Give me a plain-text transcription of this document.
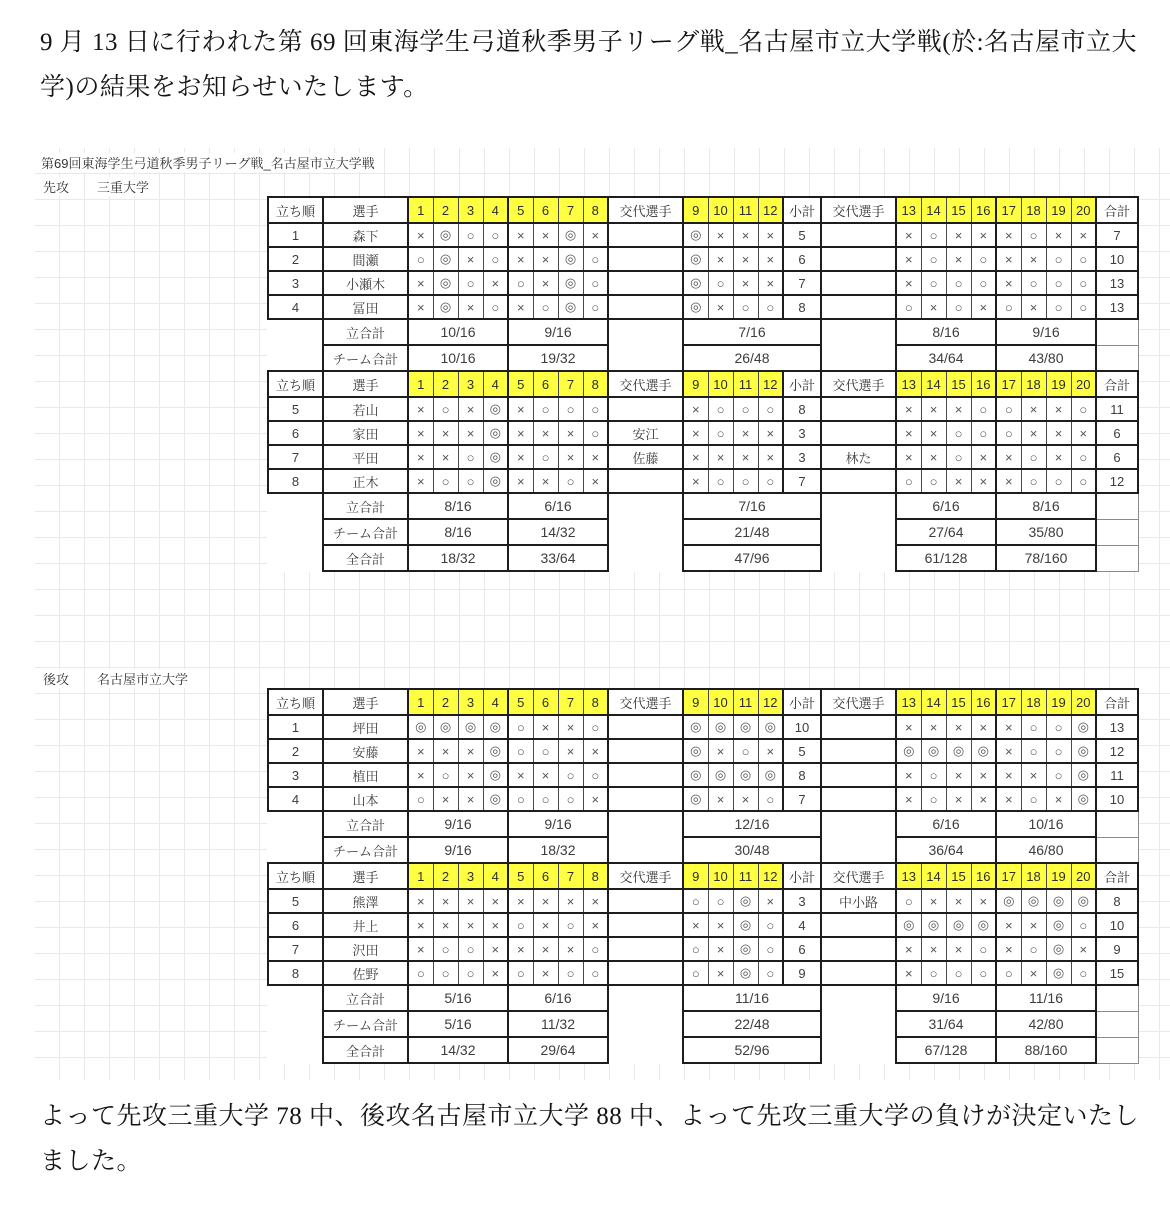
9 月 13 日に行われた第 69 回東海学生弓道秋季男子リーグ戦_名古屋市立大学戦(於:名古屋市立大学)の結果をお知らせいたします。

第69回東海学生弓道秋季男子リーグ戦_名古屋市立大学戦
先攻 三重大学
立ち順	選手	1	2	3	4	5	6	7	8	交代選手	9	10	11	12	小計	交代選手	13	14	15	16	17	18	19	20	合計
1	森下	×	◎	○	○	×	×	◎	×		◎	×	×	×	5		×	○	×	×	×	○	×	×	7
2	間瀬	○	◎	×	○	×	×	◎	○		◎	×	×	×	6		×	○	×	○	×	×	○	○	10
3	小瀬木	×	◎	○	×	○	×	◎	○		◎	○	×	×	7		×	○	○	○	×	○	○	○	13
4	冨田	×	◎	×	○	×	○	◎	○		◎	×	○	○	8		○	×	○	×	○	×	○	○	13
	立合計	10/16				9/16					7/16						8/16				9/16				
	チーム合計	10/16				19/32					26/48						34/64				43/80				
立ち順	選手	1	2	3	4	5	6	7	8	交代選手	9	10	11	12	小計	交代選手	13	14	15	16	17	18	19	20	合計
5	若山	×	○	×	◎	×	○	○	○		×	○	○	○	8		×	×	×	○	○	×	×	○	11
6	家田	×	×	×	◎	×	×	×	○	安江	×	○	×	×	3		×	×	○	○	○	×	×	×	6
7	平田	×	×	○	◎	×	○	×	×	佐藤	×	×	×	×	3	林た	×	×	○	×	×	○	×	○	6
8	正木	×	○	○	◎	×	×	○	×		×	○	○	○	7		○	○	×	×	×	○	○	○	12
	立合計	8/16				6/16					7/16						6/16				8/16				
	チーム合計	8/16				14/32					21/48						27/64				35/80				
	全合計	18/32				33/64					47/96						61/128				78/160				
後攻 名古屋市立大学
立ち順	選手	1	2	3	4	5	6	7	8	交代選手	9	10	11	12	小計	交代選手	13	14	15	16	17	18	19	20	合計
1	坪田	◎	◎	◎	◎	○	×	×	○		◎	◎	◎	◎	10		×	×	×	×	×	○	○	◎	13
2	安藤	×	×	×	◎	○	○	×	×		◎	×	○	×	5		◎	◎	◎	◎	×	○	○	◎	12
3	植田	×	○	×	◎	×	×	○	○		◎	◎	◎	◎	8		×	○	×	×	×	×	○	◎	11
4	山本	○	×	×	◎	○	○	○	×		◎	×	×	○	7		×	○	×	×	×	○	×	◎	10
	立合計	9/16				9/16					12/16						6/16				10/16				
	チーム合計	9/16				18/32					30/48						36/64				46/80				
立ち順	選手	1	2	3	4	5	6	7	8	交代選手	9	10	11	12	小計	交代選手	13	14	15	16	17	18	19	20	合計
5	熊澤	×	×	×	×	×	×	×	×		○	○	◎	×	3	中小路	○	×	×	×	◎	◎	◎	◎	8
6	井上	×	×	×	×	○	×	○	×		×	×	◎	○	4		◎	◎	◎	◎	×	×	◎	○	10
7	沢田	×	○	○	×	×	×	×	○		○	×	◎	○	6		×	×	×	○	×	○	◎	×	9
8	佐野	○	○	○	×	○	×	○	○		○	×	◎	○	9		×	○	○	○	○	×	◎	○	15
	立合計	5/16				6/16					11/16						9/16				11/16				
	チーム合計	5/16				11/32					22/48						31/64				42/80				
	全合計	14/32				29/64					52/96						67/128				88/160				

よって先攻三重大学 78 中、後攻名古屋市立大学 88 中、よって先攻三重大学の負けが決定いたしました。
